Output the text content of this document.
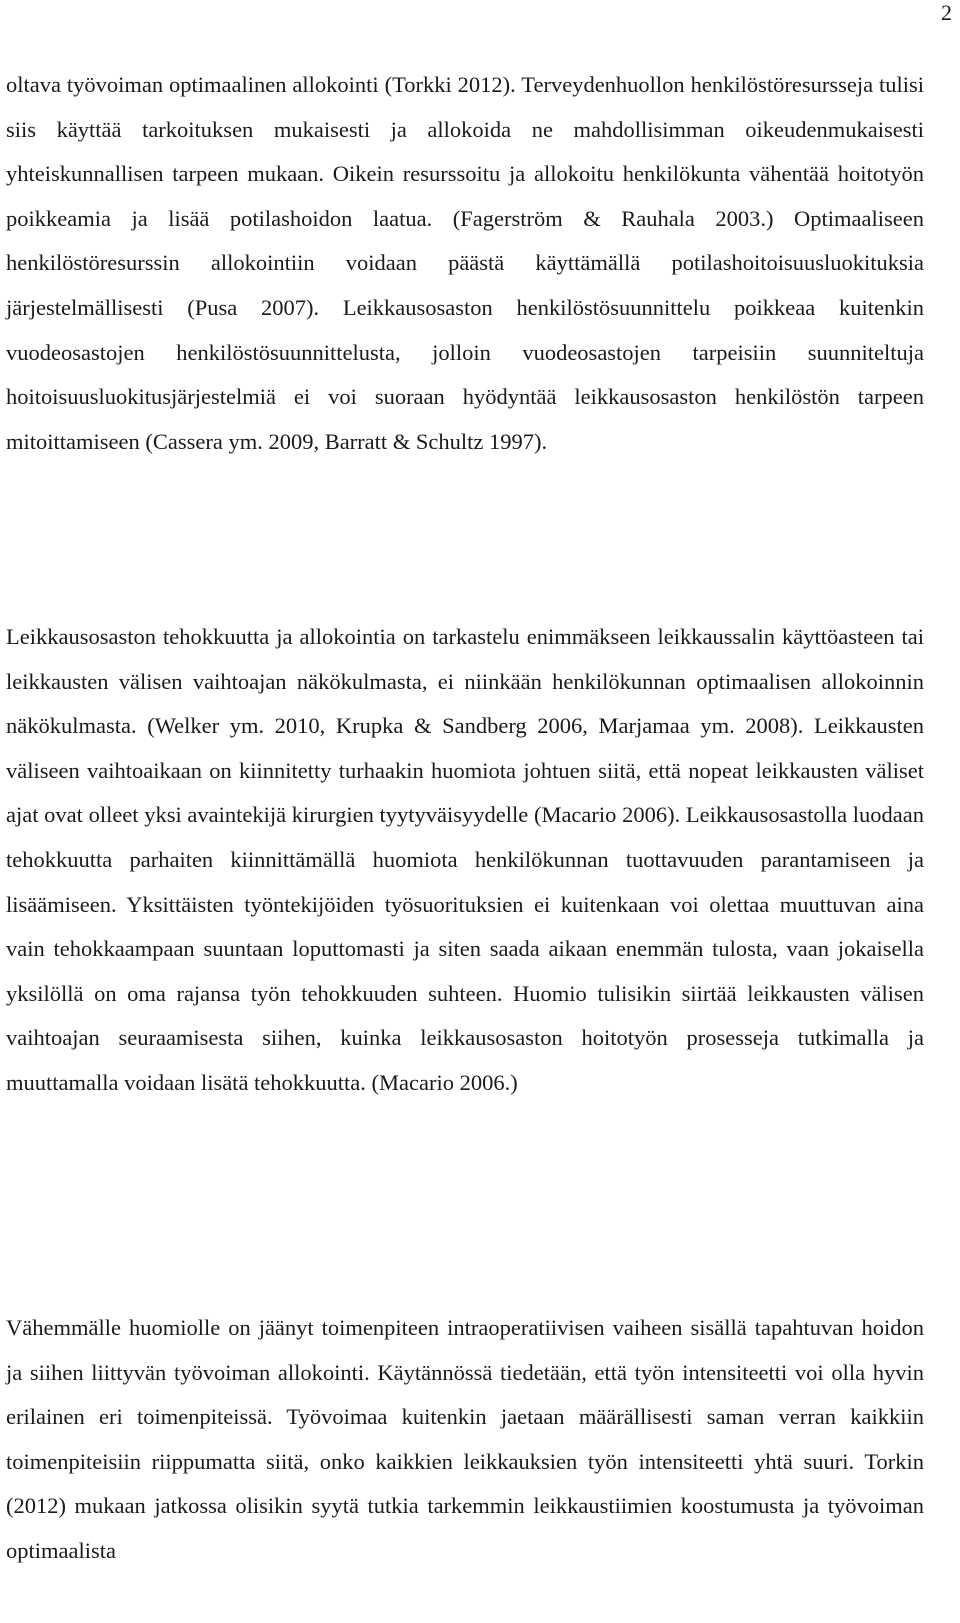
2

oltava työvoiman optimaalinen allokointi (Torkki 2012). Terveydenhuollon henkilöstöresursseja tulisi siis käyttää tarkoituksen mukaisesti ja allokoida ne mahdollisimman oikeudenmukaisesti yhteiskunnallisen tarpeen mukaan. Oikein resurssoitu ja allokoitu henkilökunta vähentää hoitotyön poikkeamia ja lisää potilashoidon laatua. (Fagerström & Rauhala 2003.) Optimaaliseen henkilöstöresurssin allokointiin voidaan päästä käyttämällä potilashoitoisuusluokituksia järjestelmällisesti (Pusa 2007). Leikkausosaston henkilöstösuunnittelu poikkeaa kuitenkin vuodeosastojen henkilöstösuunnittelusta, jolloin vuodeosastojen tarpeisiin suunniteltuja hoitoisuusluokitusjärjestelmiä ei voi suoraan hyödyntää leikkausosaston henkilöstön tarpeen mitoittamiseen (Cassera ym. 2009, Barratt & Schultz 1997).

Leikkausosaston tehokkuutta ja allokointia on tarkastelu enimmäkseen leikkaussalin käyttöasteen tai leikkausten välisen vaihtoajan näkökulmasta, ei niinkään henkilökunnan optimaalisen allokoinnin näkökulmasta. (Welker ym. 2010, Krupka & Sandberg 2006, Marjamaa ym. 2008). Leikkausten väliseen vaihtoaikaan on kiinnitetty turhaakin huomiota johtuen siitä, että nopeat leikkausten väliset ajat ovat olleet yksi avaintekijä kirurgien tyytyväisyydelle (Macario 2006). Leikkausosastolla luodaan tehokkuutta parhaiten kiinnittämällä huomiota henkilökunnan tuottavuuden parantamiseen ja lisäämiseen. Yksittäisten työntekijöiden työsuorituksien ei kuitenkaan voi olettaa muuttuvan aina vain tehokkaampaan suuntaan loputtomasti ja siten saada aikaan enemmän tulosta, vaan jokaisella yksilöllä on oma rajansa työn tehokkuuden suhteen. Huomio tulisikin siirtää leikkausten välisen vaihtoajan seuraamisesta siihen, kuinka leikkausosaston hoitotyön prosesseja tutkimalla ja muuttamalla voidaan lisätä tehokkuutta. (Macario 2006.)

Vähemmälle huomiolle on jäänyt toimenpiteen intraoperatiivisen vaiheen sisällä tapahtuvan hoidon ja siihen liittyvän työvoiman allokointi. Käytännössä tiedetään, että työn intensiteetti voi olla hyvin erilainen eri toimenpiteissä. Työvoimaa kuitenkin jaetaan määrällisesti saman verran kaikkiin toimenpiteisiin riippumatta siitä, onko kaikkien leikkauksien työn intensiteetti yhtä suuri. Torkin (2012) mukaan jatkossa olisikin syytä tutkia tarkemmin leikkaustiimien koostumusta ja työvoiman optimaalista
